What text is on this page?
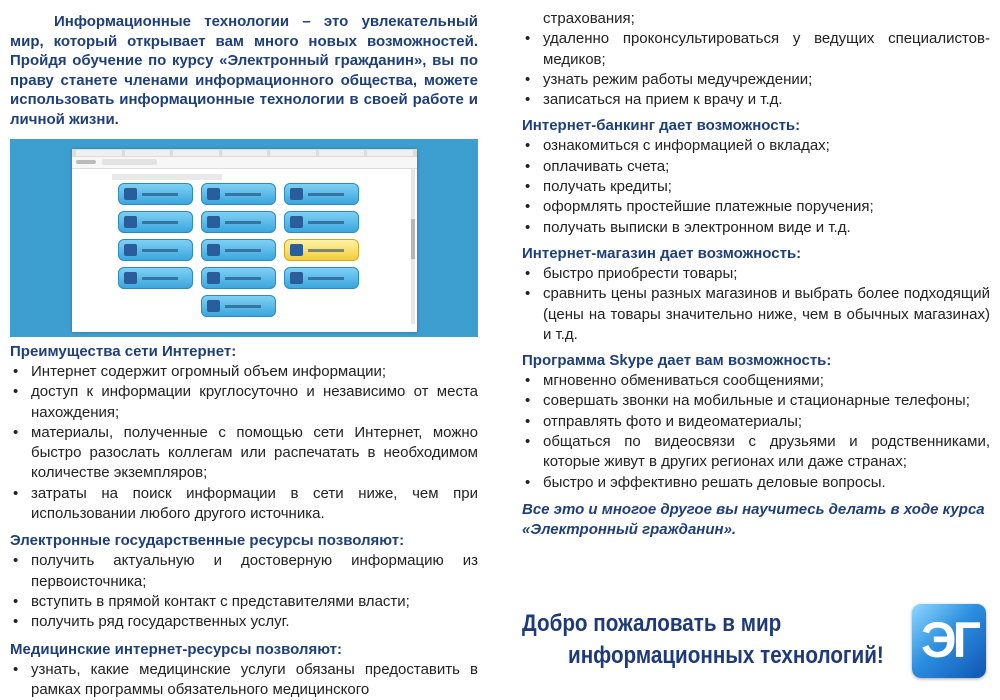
Информационные технологии – это увлекательный мир, который открывает вам много новых возможностей. Пройдя обучение по курсу «Электронный гражданин», вы по праву станете членами информационного общества, можете использовать информационные технологии в своей работе и личной жизни.

Преимущества сети Интернет:
• Интернет содержит огромный объем информации;
• доступ к информации круглосуточно и независимо от места нахождения;
• материалы, полученные с помощью сети Интернет, можно быстро разослать коллегам или распечатать в необходимом количестве экземпляров;
• затраты на поиск информации в сети ниже, чем при использовании любого другого источника.
Электронные государственные ресурсы позволяют:
• получить актуальную и достоверную информацию из первоисточника;
• вступить в прямой контакт с представителями власти;
• получить ряд государственных услуг.
Медицинские интернет-ресурсы позволяют:
• узнать, какие медицинские услуги обязаны предоставить в рамках программы обязательного медицинского
страхования;
• удаленно проконсультироваться у ведущих специалистов-медиков;
• узнать режим работы медучреждении;
• записаться на прием к врачу и т.д.
Интернет-банкинг дает возможность:
• ознакомиться с информацией о вкладах;
• оплачивать счета;
• получать кредиты;
• оформлять простейшие платежные поручения;
• получать выписки в электронном виде и т.д.
Интернет-магазин дает возможность:
• быстро приобрести товары;
• сравнить цены разных магазинов и выбрать более подходящий (цены на товары значительно ниже, чем в обычных магазинах) и т.д.
Программа Skype дает вам возможность:
• мгновенно обмениваться сообщениями;
• совершать звонки на мобильные и стационарные телефоны;
• отправлять фото и видеоматериалы;
• общаться по видеосвязи с друзьями и родственниками, которые живут в других регионах или даже странах;
• быстро и эффективно решать деловые вопросы.

Все это и многое другое вы научитесь делать в ходе курса «Электронный гражданин».

Добро пожаловать в мир
информационных технологий! ЭГ
